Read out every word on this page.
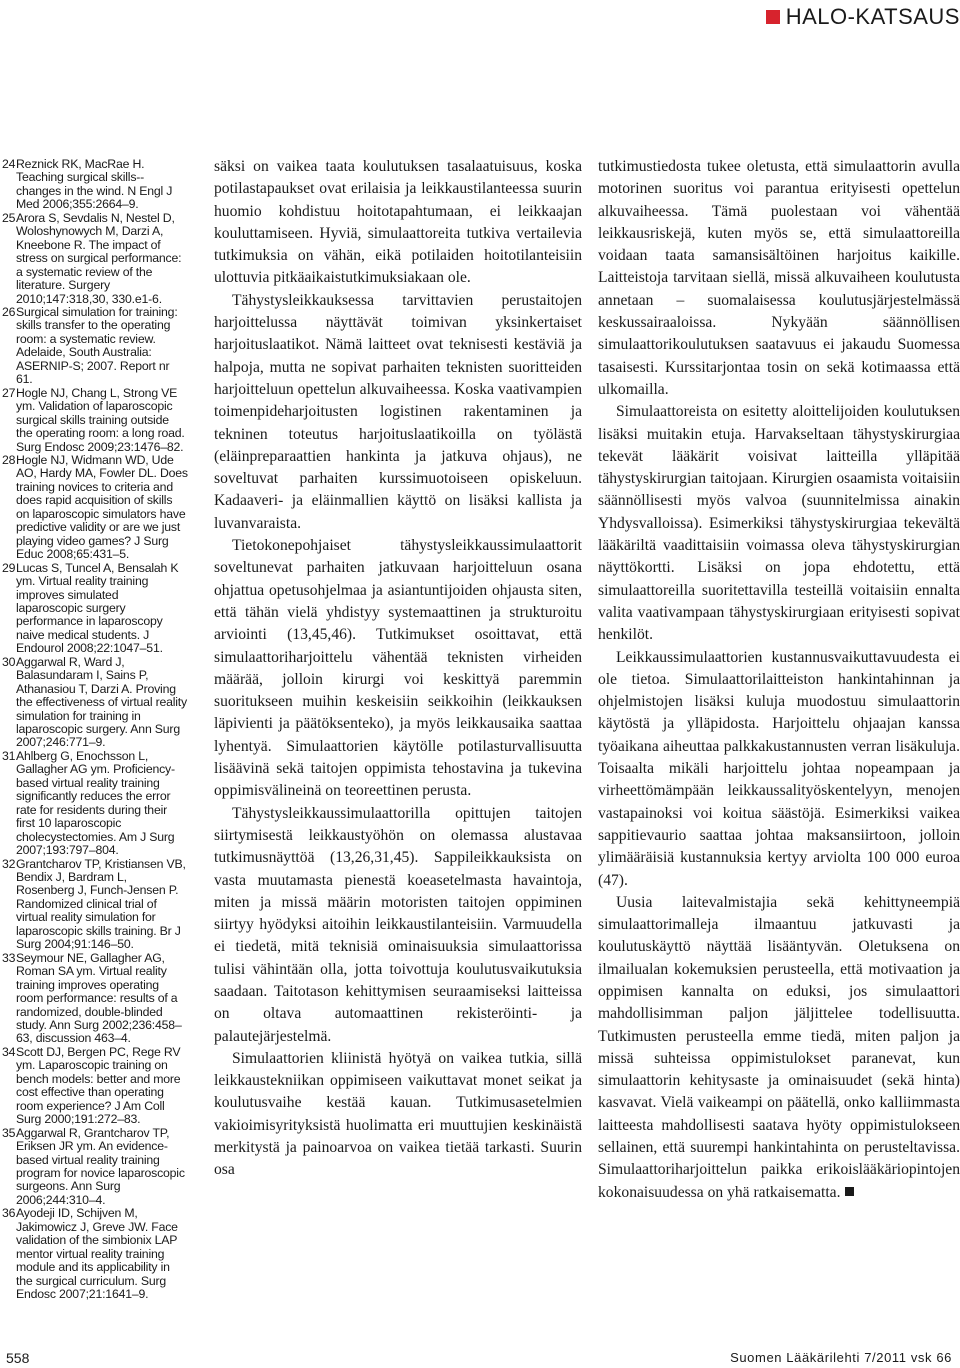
HALO-KATSAUS
24 Reznick RK, MacRae H. Teaching surgical skills--changes in the wind. N Engl J Med 2006;355:2664–9.
25 Arora S, Sevdalis N, Nestel D, Woloshynowych M, Darzi A, Kneebone R. The impact of stress on surgical performance: a systematic review of the literature. Surgery 2010;147:318,30, 330.e1-6.
26 Surgical simulation for training: skills transfer to the operating room: a systematic review. Adelaide, South Australia: ASERNIP-S; 2007. Report nr 61.
27 Hogle NJ, Chang L, Strong VE ym. Validation of laparoscopic surgical skills training outside the operating room: a long road. Surg Endosc 2009;23:1476–82.
28 Hogle NJ, Widmann WD, Ude AO, Hardy MA, Fowler DL. Does training novices to criteria and does rapid acquisition of skills on laparoscopic simulators have predictive validity or are we just playing video games? J Surg Educ 2008;65:431–5.
29 Lucas S, Tuncel A, Bensalah K ym. Virtual reality training improves simulated laparoscopic surgery performance in laparoscopy naive medical students. J Endourol 2008;22:1047–51.
30 Aggarwal R, Ward J, Balasundaram I, Sains P, Athanasiou T, Darzi A. Proving the effectiveness of virtual reality simulation for training in laparoscopic surgery. Ann Surg 2007;246:771–9.
31 Ahlberg G, Enochsson L, Gallagher AG ym. Proficiency-based virtual reality training significantly reduces the error rate for residents during their first 10 laparoscopic cholecystectomies. Am J Surg 2007;193:797–804.
32 Grantcharov TP, Kristiansen VB, Bendix J, Bardram L, Rosenberg J, Funch-Jensen P. Randomized clinical trial of virtual reality simulation for laparoscopic skills training. Br J Surg 2004;91:146–50.
33 Seymour NE, Gallagher AG, Roman SA ym. Virtual reality training improves operating room performance: results of a randomized, double-blinded study. Ann Surg 2002;236:458–63, discussion 463–4.
34 Scott DJ, Bergen PC, Rege RV ym. Laparoscopic training on bench models: better and more cost effective than operating room experience? J Am Coll Surg 2000;191:272–83.
35 Aggarwal R, Grantcharov TP, Eriksen JR ym. An evidence-based virtual reality training program for novice laparoscopic surgeons. Ann Surg 2006;244:310–4.
36 Ayodeji ID, Schijven M, Jakimowicz J, Greve JW. Face validation of the simbionix LAP mentor virtual reality training module and its applicability in the surgical curriculum. Surg Endosc 2007;21:1641–9.

säksi on vaikea taata koulutuksen tasalaatuisuus, koska potilastapaukset ovat erilaisia ja leikkaustilanteessa suurin huomio kohdistuu hoitotapahtumaan, ei leikkaajan kouluttamiseen. Hyviä, simulaattoreita tutkiva vertailevia tutkimuksia on vähän, eikä potilaiden hoitotilanteisiin ulottuvia pitkäaikaistutkimuksiakaan ole.

Tähystysleikkauksessa tarvittavien perustaitojen harjoittelussa näyttävät toimivan yksinkertaiset harjoituslaatikot. Nämä laitteet ovat teknisesti kestäviä ja halpoja, mutta ne sopivat parhaiten teknisten suoritteiden harjoitteluun opettelun alkuvaiheessa. Koska vaativampien toimenpideharjoitusten logistinen rakentaminen ja tekninen toteutus harjoituslaatikoilla on työlästä (eläinpreparaattien hankinta ja jatkuva ohjaus), ne soveltuvat parhaiten kurssimuotoiseen opiskeluun. Kadaaveri- ja eläinmallien käyttö on lisäksi kallista ja luvanvaraista.

Tietokonepohjaiset tähystysleikkaussimulaattorit soveltunevat parhaiten jatkuvaan harjoitteluun osana ohjattua opetusohjelmaa ja asiantuntijoiden ohjausta siten, että tähän vielä yhdistyy systemaattinen ja strukturoitu arviointi (13,45,46). Tutkimukset osoittavat, että simulaattoriharjoittelu vähentää teknisten virheiden määrää, jolloin kirurgi voi keskittyä paremmin suoritukseen muihin keskeisiin seikkoihin (leikkauksen läpivienti ja päätöksenteko), ja myös leikkausaika saattaa lyhentyä. Simulaattorien käytölle potilasturvallisuutta lisäävinä sekä taitojen oppimista tehostavina ja tukevina oppimisvälineinä on teoreettinen perusta.

Tähystysleikkaussimulaattorilla opittujen taitojen siirtymisestä leikkaustyöhön on olemassa alustavaa tutkimusnäyttöä (13,26,31,45). Sappileikkauksista on vasta muutamasta pienestä koeasetelmasta havaintoja, miten ja missä määrin motoristen taitojen oppiminen siirtyy hyödyksi aitoihin leikkaustilanteisiin. Varmuudella ei tiedetä, mitä teknisiä ominaisuuksia simulaattorissa tulisi vähintään olla, jotta toivottuja koulutusvaikutuksia saadaan. Taitotason kehittymisen seuraamiseksi laitteissa on oltava automaattinen rekisteröinti- ja palautejärjestelmä.

Simulaattorien kliinistä hyötyä on vaikea tutkia, sillä leikkaustekniikan oppimiseen vaikuttavat monet seikat ja koulutusvaihe kestää kauan. Tutkimusasetelmien vakioimisyrityksistä huolimatta eri muuttujien keskinäistä merkitystä ja painoarvoa on vaikea tietää tarkasti. Suurin osa

tutkimustiedosta tukee oletusta, että simulaattorin avulla motorinen suoritus voi parantua erityisesti opettelun alkuvaiheessa. Tämä puolestaan voi vähentää leikkausriskejä, kuten myös se, että simulaattoreilla voidaan taata samansisältöinen harjoitus kaikille. Laitteistoja tarvitaan siellä, missä alkuvaiheen koulutusta annetaan – suomalaisessa koulutusjärjestelmässä keskussairaaloissa. Nykyään säännöllisen simulaattorikoulutuksen saatavuus ei jakaudu Suomessa tasaisesti. Kurssitarjontaa tosin on sekä kotimaassa että ulkomailla.

Simulaattoreista on esitetty aloittelijoiden koulutuksen lisäksi muitakin etuja. Harvakseltaan tähystyskirurgiaa tekevät lääkärit voisivat laitteilla ylläpitää tähystyskirurgian taitojaan. Kirurgien osaamista voitaisiin säännöllisesti myös valvoa (suunnitelmissa ainakin Yhdysvalloissa). Esimerkiksi tähystyskirurgiaa tekevältä lääkäriltä vaadittaisiin voimassa oleva tähystyskirurgian näyttökortti. Lisäksi on jopa ehdotettu, että simulaattoreilla suoritettavilla testeillä voitaisiin ennalta valita vaativampaan tähystyskirurgiaan erityisesti sopivat henkilöt.

Leikkaussimulaattorien kustannusvaikuttavuudesta ei ole tietoa. Simulaattorilaitteiston hankintahinnan ja ohjelmistojen lisäksi kuluja muodostuu simulaattorin käytöstä ja ylläpidosta. Harjoittelu ohjaajan kanssa työaikana aiheuttaa palkkakustannusten verran lisäkuluja. Toisaalta mikäli harjoittelu johtaa nopeampaan ja virheettömämpään leikkaussalityöskentelyyn, menojen vastapainoksi voi koitua säästöjä. Esimerkiksi vaikea sappitievaurio saattaa johtaa maksansiirtoon, jolloin ylimääräisiä kustannuksia kertyy arviolta 100 000 euroa (47).

Uusia laitevalmistajia sekä kehittyneempiä simulaattorimalleja ilmaantuu jatkuvasti ja koulutuskäyttö näyttää lisääntyvän. Oletuksena on ilmailualan kokemuksien perusteella, että motivaation ja oppimisen kannalta on eduksi, jos simulaattori mahdollisimman paljon jäljittelee todellisuutta. Tutkimusten perusteella emme tiedä, miten paljon ja missä suhteissa oppimistulokset paranevat, kun simulaattorin kehitysaste ja ominaisuudet (sekä hinta) kasvavat. Vielä vaikeampi on päätellä, onko kalliimmasta laitteesta mahdollisesti saatava hyöty oppimistulokseen sellainen, että suurempi hankintahinta on perusteltavissa. Simulaattoriharjoittelun paikka erikoislääkäriopintojen kokonaisuudessa on yhä ratkaisematta.

558	Suomen Lääkärilehti 7/2011 vsk 66
